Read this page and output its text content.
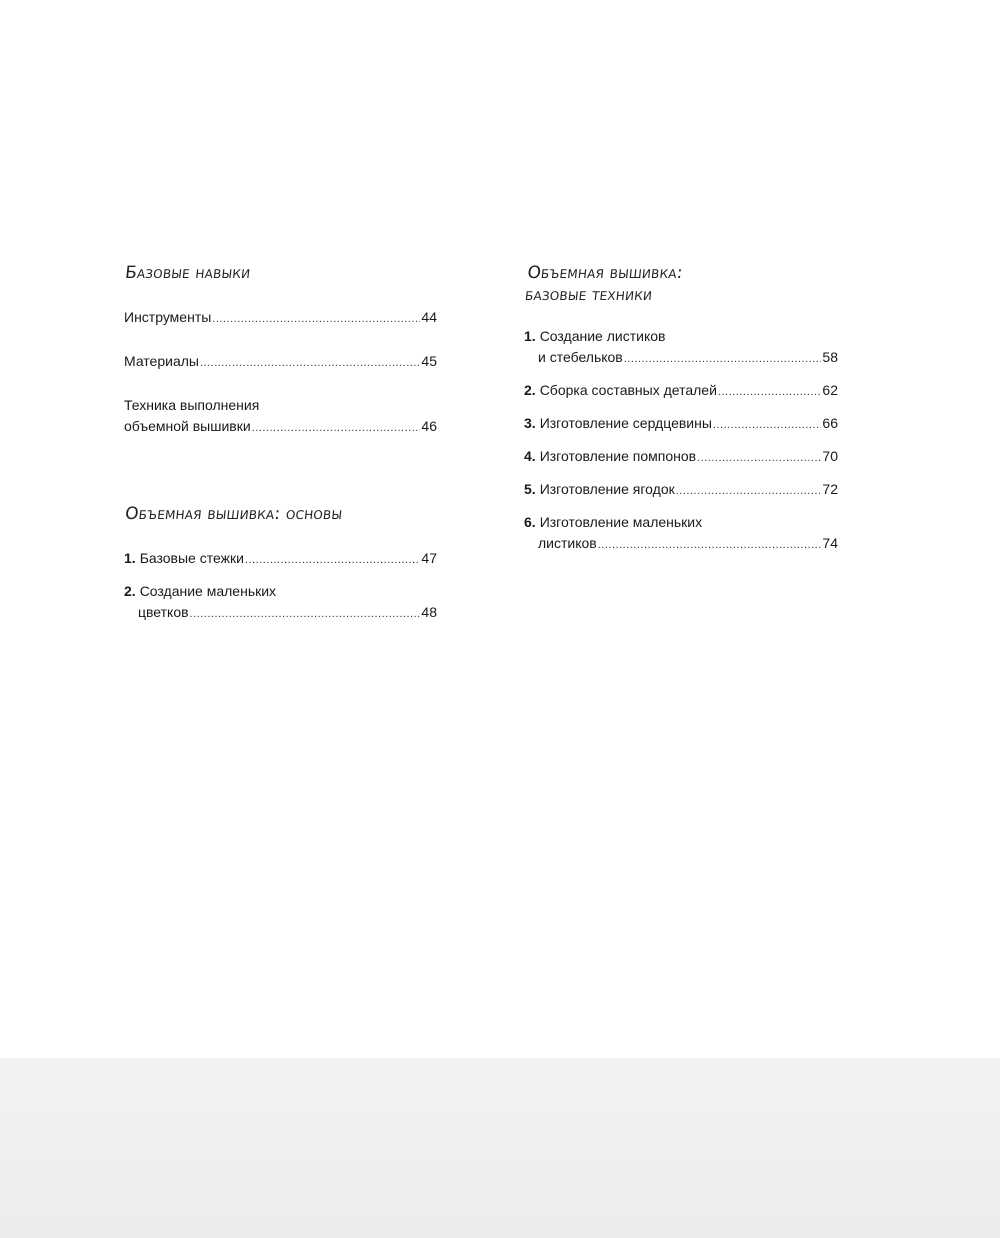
Базовые навыки
Инструменты .....	44
Материалы .....	45
Техника выполнения
объемной вышивки .....	46
Объемная вышивка: основы
1. Базовые стежки .....	47
2. Создание маленьких
цветков .....	48
Объемная вышивка:
базовые техники
1. Создание листиков
и стебельков .....	58
2. Сборка составных деталей .....	62
3. Изготовление сердцевины .....	66
4. Изготовление помпонов .....	70
5. Изготовление ягодок .....	72
6. Изготовление маленьких
листиков .....	74
